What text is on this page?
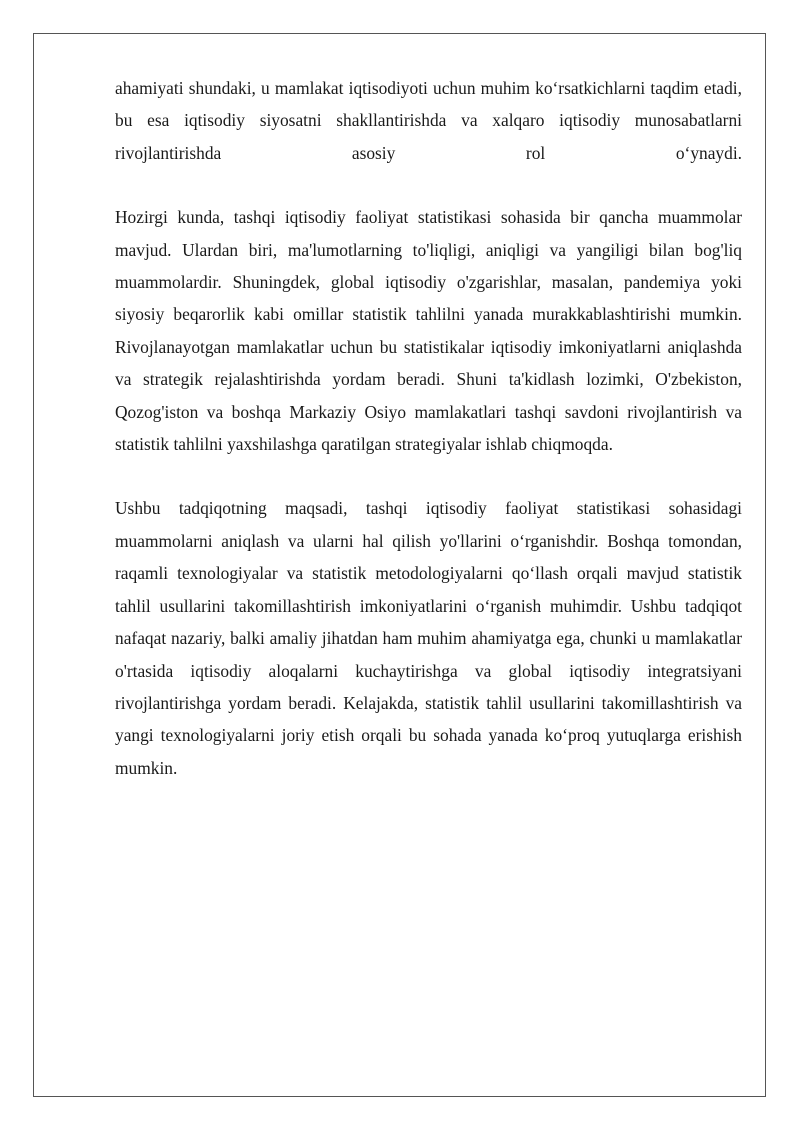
ahamiyati shundaki, u mamlakat iqtisodiyoti uchun muhim ko‘rsatkichlarni taqdim etadi, bu esa iqtisodiy siyosatni shakllantirishda va xalqaro iqtisodiy munosabatlarni rivojlantirishda asosiy rol o‘ynaydi.

Hozirgi kunda, tashqi iqtisodiy faoliyat statistikasi sohasida bir qancha muammolar mavjud. Ulardan biri, ma'lumotlarning to'liqligi, aniqligi va yangiligi bilan bog'liq muammolardir. Shuningdek, global iqtisodiy o'zgarishlar, masalan, pandemiya yoki siyosiy beqarorlik kabi omillar statistik tahlilni yanada murakkablashtirishi mumkin. Rivojlanayotgan mamlakatlar uchun bu statistikalar iqtisodiy imkoniyatlarni aniqlashda va strategik rejalashtirishda yordam beradi. Shuni ta'kidlash lozimki, O'zbekiston, Qozog'iston va boshqa Markaziy Osiyo mamlakatlari tashqi savdoni rivojlantirish va statistik tahlilni yaxshilashga qaratilgan strategiyalar ishlab chiqmoqda.

Ushbu tadqiqotning maqsadi, tashqi iqtisodiy faoliyat statistikasi sohasidagi muammolarni aniqlash va ularni hal qilish yo'llarini o‘rganishdir. Boshqa tomondan, raqamli texnologiyalar va statistik metodologiyalarni qo‘llash orqali mavjud statistik tahlil usullarini takomillashtirish imkoniyatlarini o‘rganish muhimdir. Ushbu tadqiqot nafaqat nazariy, balki amaliy jihatdan ham muhim ahamiyatga ega, chunki u mamlakatlar o'rtasida iqtisodiy aloqalarni kuchaytirishga va global iqtisodiy integratsiyani rivojlantirishga yordam beradi. Kelajakda, statistik tahlil usullarini takomillashtirish va yangi texnologiyalarni joriy etish orqali bu sohada yanada ko‘proq yutuqlarga erishish mumkin.
